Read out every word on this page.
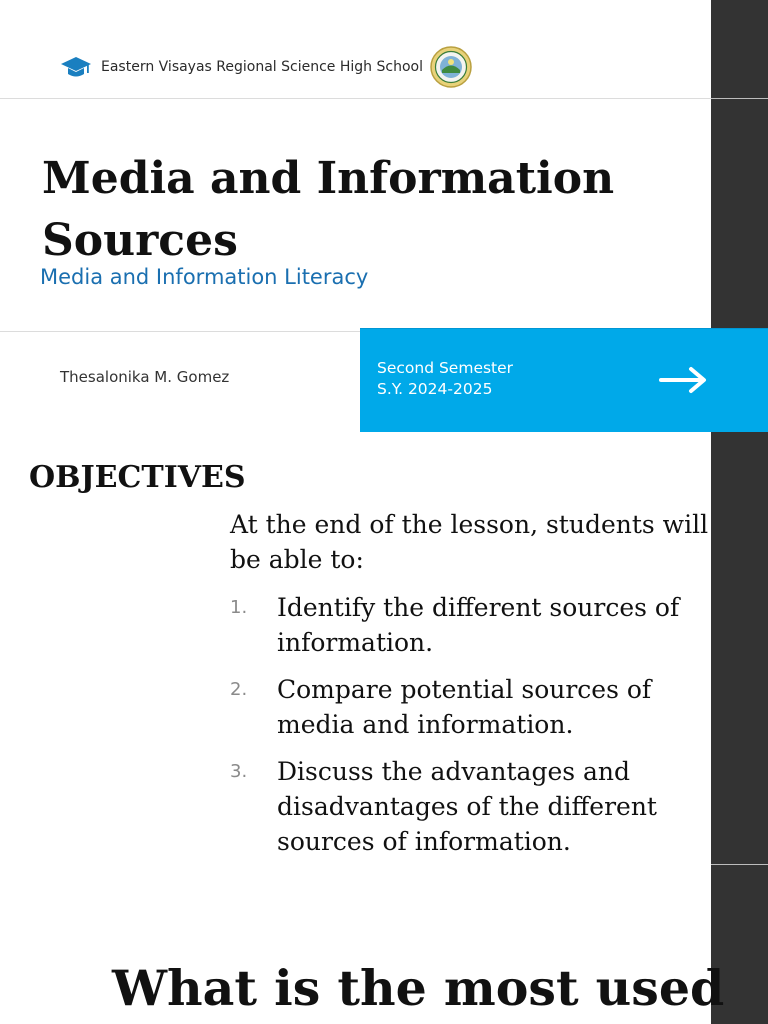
Eastern Visayas Regional Science High School
Media and Information Sources
Media and Information Literacy
Thesalonika M. Gomez	Second Semester
S.Y. 2024-2025
OBJECTIVES

At the end of the lesson, students will be able to:

1.	Identify the different sources of information.
2.	Compare potential sources of media and information.
3.	Discuss the advantages and disadvantages of the different sources of information.
What is the most used
